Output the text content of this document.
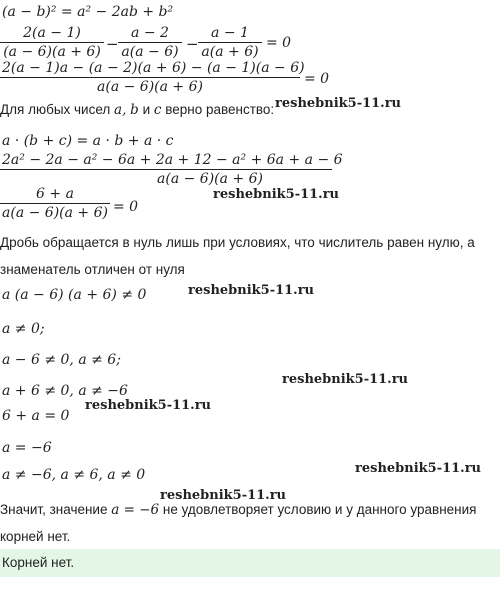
(a − b)² = a² − 2ab + b²
2(a − 1)
(a − 6)(a + 6) −
a − 2
a(a − 6) −
a − 1
a(a + 6)
= 0
2(a − 1)a − (a − 2)(a + 6) − (a − 1)(a − 6)
a(a − 6)(a + 6)	= 0
Для любых чисел a, b и c верно равенство: reshebnik5-11.ru
a · (b + c) = a · b + a · c
2a² − 2a − a² − 6a + 2a + 12 − a² + 6a + a − 6
a(a − 6)(a + 6)
6 + a
a(a − 6)(a + 6) = 0
reshebnik5-11.ru
Дробь обращается в нуль лишь при условиях, что числитель равен нулю, а
знаменатель отличен от нуля
a (a − 6) (a + 6) ≠ 0	reshebnik5-11.ru
a ≠ 0;
a − 6 ≠ 0, a ≠ 6;
reshebnik5-11.ru
a + 6 ≠ 0, a ≠ −6
reshebnik5-11.ru
6 + a = 0
a = −6
reshebnik5-11.ru
a ≠ −6, a ≠ 6, a ≠ 0
reshebnik5-11.ru
Значит, значение a = −6 не удовлетворяет условию и у данного уравнения
корней нет.
Корней нет.
